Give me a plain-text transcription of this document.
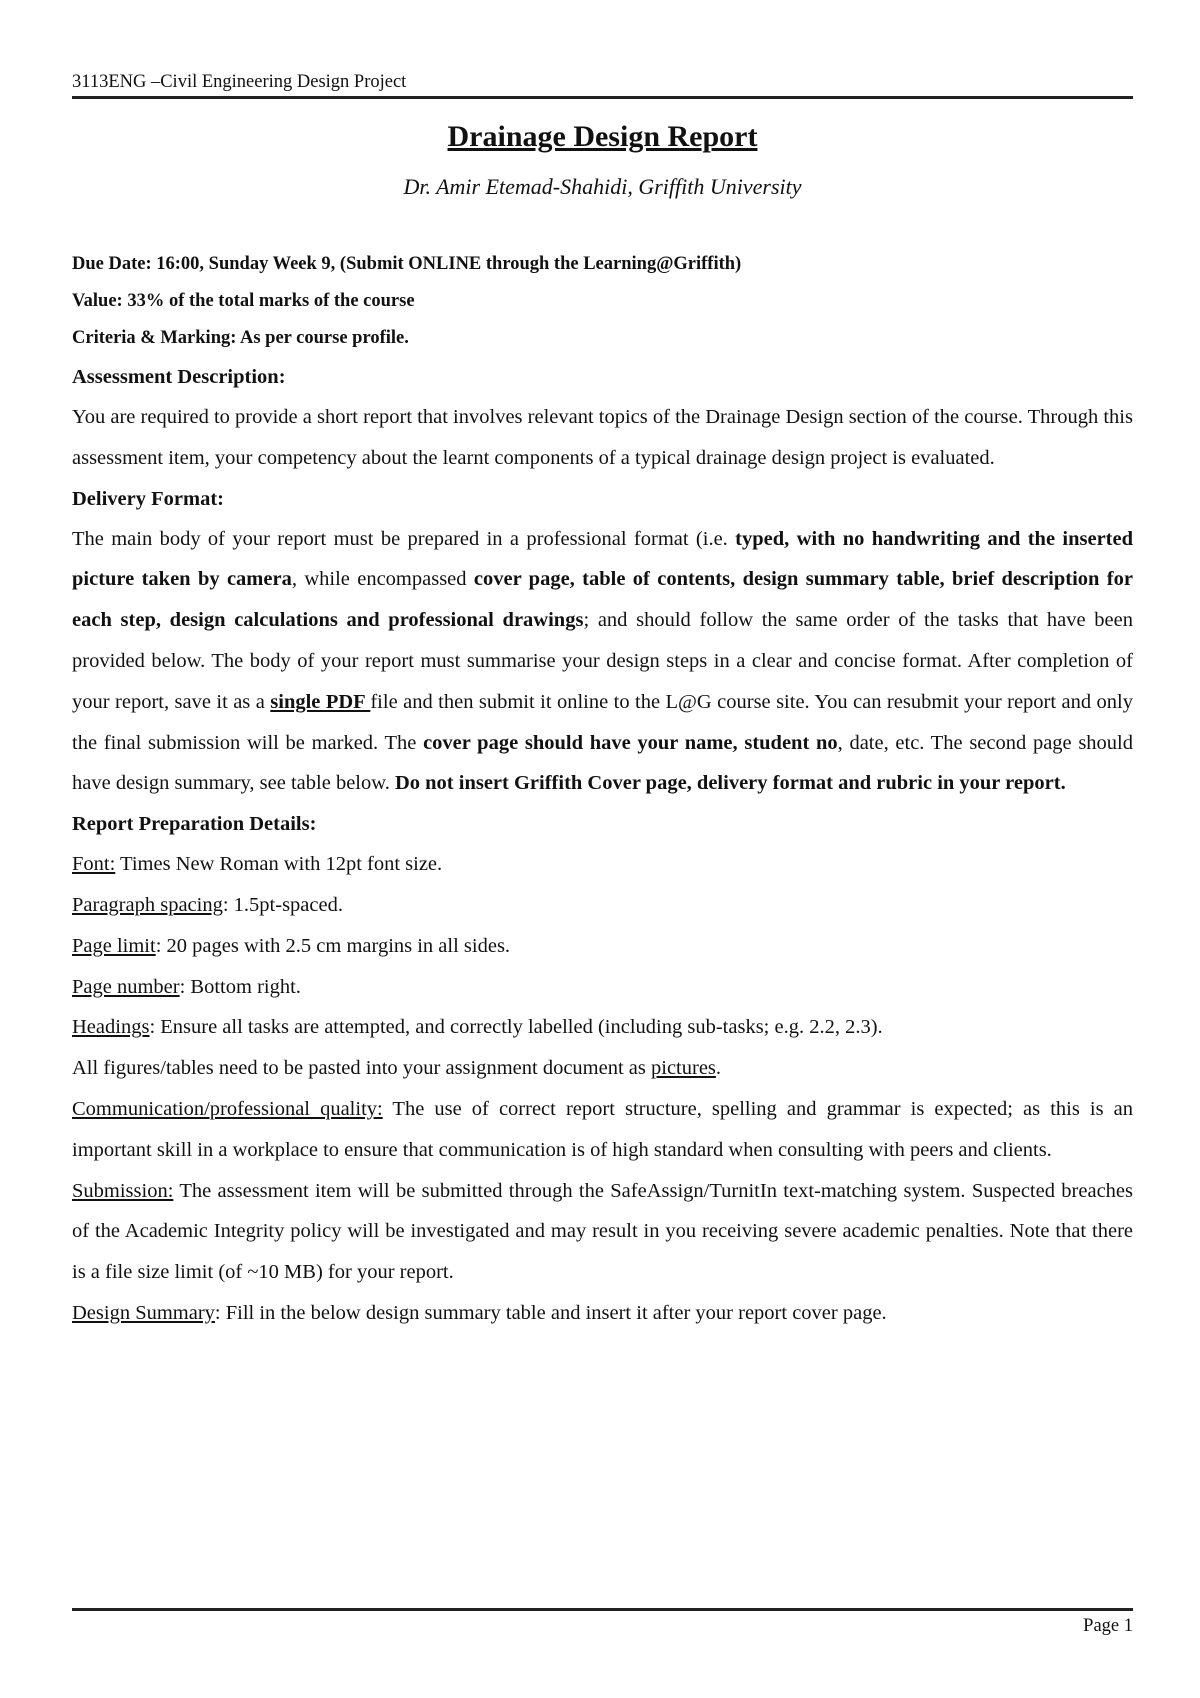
3113ENG –Civil Engineering Design Project
Drainage Design Report
Dr. Amir Etemad-Shahidi, Griffith University
Due Date: 16:00, Sunday Week 9, (Submit ONLINE through the Learning@Griffith)
Value: 33% of the total marks of the course
Criteria & Marking: As per course profile.
Assessment Description:

You are required to provide a short report that involves relevant topics of the Drainage Design section of the course. Through this assessment item, your competency about the learnt components of a typical drainage design project is evaluated.

Delivery Format:

The main body of your report must be prepared in a professional format (i.e. typed, with no handwriting and the inserted picture taken by camera, while encompassed cover page, table of contents, design summary table, brief description for each step, design calculations and professional drawings; and should follow the same order of the tasks that have been provided below. The body of your report must summarise your design steps in a clear and concise format. After completion of your report, save it as a single PDF file and then submit it online to the L@G course site. You can resubmit your report and only the final submission will be marked. The cover page should have your name, student no, date, etc. The second page should have design summary, see table below. Do not insert Griffith Cover page, delivery format and rubric in your report.

Report Preparation Details:
Font: Times New Roman with 12pt font size.
Paragraph spacing: 1.5pt-spaced.
Page limit: 20 pages with 2.5 cm margins in all sides.
Page number: Bottom right.
Headings: Ensure all tasks are attempted, and correctly labelled (including sub-tasks; e.g. 2.2, 2.3).
All figures/tables need to be pasted into your assignment document as pictures.
Communication/professional quality: The use of correct report structure, spelling and grammar is expected; as this is an important skill in a workplace to ensure that communication is of high standard when consulting with peers and clients.
Submission: The assessment item will be submitted through the SafeAssign/TurnitIn text-matching system. Suspected breaches of the Academic Integrity policy will be investigated and may result in you receiving severe academic penalties. Note that there is a file size limit (of ~10 MB) for your report.
Design Summary: Fill in the below design summary table and insert it after your report cover page.
Page 1
